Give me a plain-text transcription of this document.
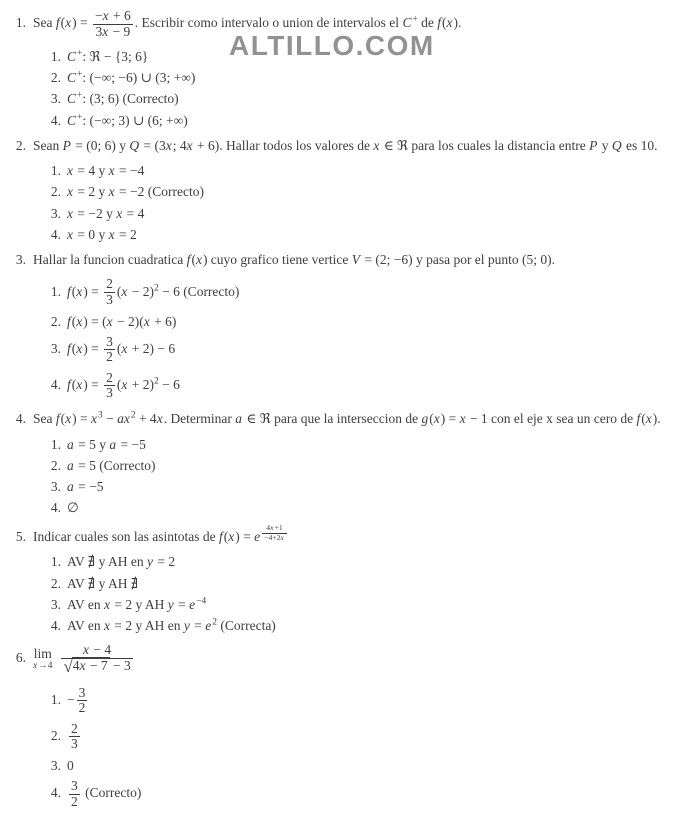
ALTILLO.COM
1. Sea $f(x) = \frac{-x + 6}{3x - 9}$ . Escribir como intervalo o union de intervalos el C+ de f(x).
1. C+: ℜ − {3; 6}
2. C+: (−∞; −6) ∪ (3; +∞)
3. C+: (3; 6) (Correcto)
4. C+: (−∞; 3) ∪ (6; +∞)
2. Sean P = (0; 6) y Q = (3x; 4x + 6). Hallar todos los valores de x ∈ ℜ para los cuales la distancia entre P y Q es 10.
1. x = 4 y x = −4
2. x = 2 y x = −2 (Correcto)
3. x = −2 y x = 4
4. x = 0 y x = 2
3. Hallar la funcion cuadratica f(x) cuyo grafico tiene vertice V = (2; −6) y pasa por el punto (5; 0).
1. $f(x) = \frac{2}{3} (x - 2)^2 - 6$ (Correcto)
2. f(x) = (x − 2)(x + 6)
3. $f(x) = \frac{3}{2} (x + 2) - 6$
4. $f(x) = \frac{2}{3} (x + 2)^2 - 6$
4. Sea $f(x) = x^3 - ax^2 + 4x$. Determinar a ∈ ℜ para que la interseccion de g(x) = x − 1 con el eje x sea un cero de f(x).
1. a = 5 y a = −5
2. a = 5 (Correcto)
3. a = −5
4. ∅
5. Indicar cuales son las asintotas de f(x) = e $^{\frac{4x+1}{-4+2x}}$
1. AV ∄ y AH en y = 2
2. AV ∄ y AH ∄
3. AV en x = 2 y AH $y = e^{-4}$
4. AV en x = 2 y AH en $y = e^2$ (Correcta)
6. lim
$x\to 4 \frac{x - 4}{√4x - 7 - 3}$
1. − $\frac{3}{2}$
2. $\frac{2}{3}$
3. 0
4. $\frac{3}{2}$ (Correcto)
